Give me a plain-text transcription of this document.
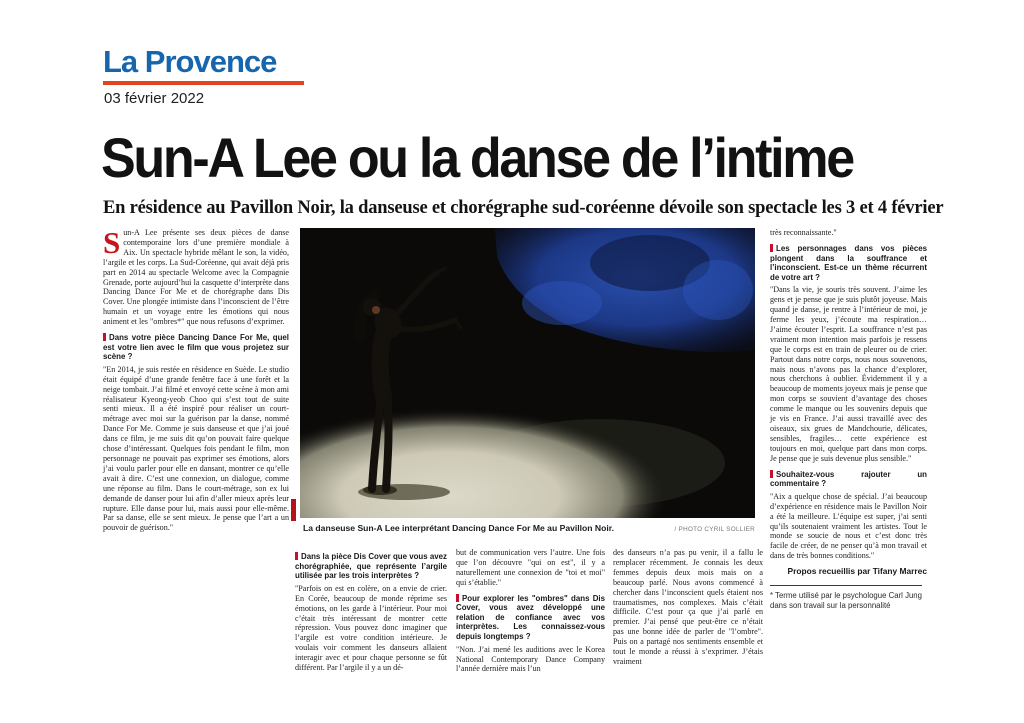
La Provence
03 février 2022
Sun-A Lee ou la danse de l’intime
En résidence au Pavillon Noir, la danseuse et chorégraphe sud-coréenne dévoile son spectacle les 3 et 4 février

Sun-A Lee présente ses deux pièces de danse contemporaine lors d’une première mondiale à Aix. Un spectacle hybride mêlant le son, la vidéo, l’argile et les corps. La Sud-Coréenne, qui avait déjà pris part en 2014 au spectacle Welcome avec la Compagnie Grenade, porte aujourd’hui la casquette d’interprète dans Dancing Dance For Me et de chorégraphe dans Dis Cover. Une plongée intimiste dans l’inconscient de l’être humain et un voyage entre les émotions qui nous animent et les "ombres*" que nous refusons d’exprimer.

Dans votre pièce Dancing Dance For Me, quel est votre lien avec le film que vous projetez sur scène ?

"En 2014, je suis restée en résidence en Suède. Le studio était équipé d’une grande fenêtre face à une forêt et la neige tombait. J’ai filmé et envoyé cette scène à mon ami réalisateur Kyeong-yeob Choo qui s’est tout de suite senti mieux. Il a été inspiré pour réaliser un court-métrage avec moi sur la guérison par la danse, nommé Dance For Me. Comme je suis danseuse et que j’ai joué dans ce film, je me suis dit qu’on pouvait faire quelque chose d’intéressant. Quelques fois pendant le film, mon personnage ne pouvait pas exprimer ses émotions, alors j’ai voulu parler pour elle en dansant, montrer ce qu’elle avait à dire. C’est une connexion, un dialogue, comme une réponse au film. Dans le court-métrage, son ex lui demande de danser pour lui afin d’aller mieux après leur rupture. Elle danse pour lui, mais aussi pour elle-même. Par sa danse, elle se sent mieux. Je pense que l’art a un pouvoir de guérison."	La danseuse Sun-A Lee interprétant Dancing Dance For Me au Pavillon Noir.	/ PHOTO CYRIL SOLLIER

Dans la pièce Dis Cover que vous avez chorégraphiée, que représente l’argile utilisée par les trois interprètes ?

"Parfois on est en colère, on a envie de crier. En Corée, beaucoup de monde réprime ses émotions, on les garde à l’intérieur. Pour moi c’était très intéressant de montrer cette répression. Vous pouvez donc imaginer que l’argile est votre condition intérieure. Je voulais voir comment les danseurs allaient interagir avec et pour chaque personne se fût différent. Par l’argile il y a un dé-

but de communication vers l’autre. Une fois que l’on découvre "qui on est", il y a naturellement une connexion de "toi et moi" qui s’établie."

Pour explorer les "ombres" dans Dis Cover, vous avez développé une relation de confiance avec vos interprètes. Les connaissez-vous depuis longtemps ?

"Non. J’ai mené les auditions avec le Korea National Contemporary Dance Company l’année dernière mais l’un

des danseurs n’a pas pu venir, il a fallu le remplacer récemment. Je connais les deux femmes depuis deux mois mais on a beaucoup parlé. Nous avons commencé à chercher dans l’inconscient quels étaient nos traumatismes, nos complexes. Mais c’était difficile. C’est pour ça que j’ai parlé en premier. J’ai pensé que peut-être ce n’était pas une bonne idée de parler de "l’ombre". Puis on a partagé nos sentiments ensemble et tout le monde a réussi à s’exprimer. J’étais vraiment

très reconnaissante."

Les personnages dans vos pièces plongent dans la souffrance et l’inconscient. Est-ce un thème récurrent de votre art ?

"Dans la vie, je souris très souvent. J’aime les gens et je pense que je suis plutôt joyeuse. Mais quand je danse, je rentre à l’intérieur de moi, je ferme les yeux, j’écoute ma respiration… J’aime écouter l’esprit. La souffrance n’est pas vraiment mon intention mais parfois je ressens que le corps est en train de pleurer ou de crier. Partout dans notre corps, nous nous souvenons, mais nous n’avons pas la chance d’explorer, nous cherchons à oublier. Évidemment il y a beaucoup de moments joyeux mais je pense que mon corps se souvient d’avantage des choses comme le manque ou les souvenirs depuis que je vis en France. J’ai aussi travaillé avec des oiseaux, six grues de Mandchourie, délicates, sensibles, fragiles… cette expérience est toujours en moi, quelque part dans mon corps. Je pense que je suis devenue plus sensible."

Souhaitez-vous rajouter un commentaire ?

"Aix a quelque chose de spécial. J’ai beaucoup d’expérience en résidence mais le Pavillon Noir a été la meilleure. L’équipe est super, j’ai senti qu’ils soutenaient vraiment les artistes. Tout le monde se soucie de nous et c’est donc très facile de créer, de ne penser qu’à mon travail et dans de très bonnes conditions."

Propos recueillis par Tifany Marrec

* Terme utilisé par le psychologue Carl Jung dans son travail sur la personnalité
